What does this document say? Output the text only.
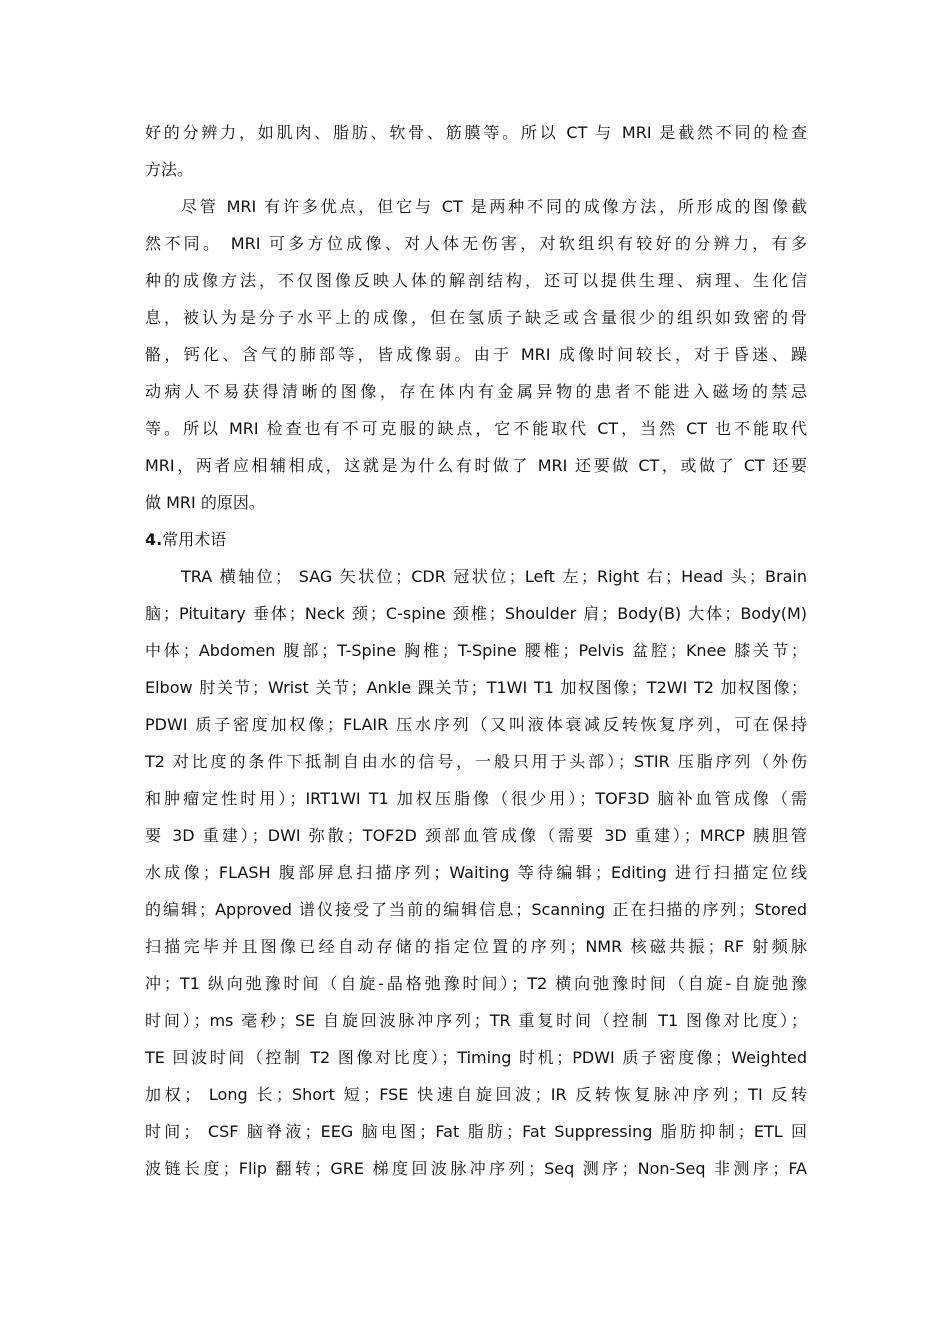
好的分辨力，如肌肉、脂肪、软骨、筋膜等。所以 CT 与 MRI 是截然不同的检查
方法。
尽管 MRI 有许多优点，但它与 CT 是两种不同的成像方法，所形成的图像截
然不同。 MRI 可多方位成像、对人体无伤害，对软组织有较好的分辨力，有多
种的成像方法，不仅图像反映人体的解剖结构，还可以提供生理、病理、生化信
息，被认为是分子水平上的成像，但在氢质子缺乏或含量很少的组织如致密的骨
骼，钙化、含气的肺部等，皆成像弱。由于 MRI 成像时间较长，对于昏迷、躁
动病人不易获得清晰的图像，存在体内有金属异物的患者不能进入磁场的禁忌
等。所以 MRI 检查也有不可克服的缺点，它不能取代 CT，当然 CT 也不能取代
MRI，两者应相辅相成，这就是为什么有时做了 MRI 还要做 CT，或做了 CT 还要
做 MRI 的原因。
4.常用术语
TRA 横轴位； SAG 矢状位；CDR 冠状位；Left 左；Right 右；Head 头；Brain
脑；Pituitary 垂体；Neck 颈；C-spine 颈椎；Shoulder 肩；Body(B) 大体；Body(M)
中体；Abdomen 腹部；T-Spine 胸椎；T-Spine 腰椎；Pelvis 盆腔；Knee 膝关节；
Elbow 肘关节；Wrist 关节；Ankle 踝关节；T1WI T1 加权图像；T2WI T2 加权图像；
PDWI 质子密度加权像；FLAIR 压水序列（又叫液体衰减反转恢复序列，可在保持
T2 对比度的条件下抵制自由水的信号，一般只用于头部）；STIR 压脂序列（外伤
和肿瘤定性时用）；IRT1WI T1 加权压脂像（很少用）；TOF3D 脑补血管成像（需
要 3D 重建）；DWI 弥散；TOF2D 颈部血管成像（需要 3D 重建）；MRCP 胰胆管
水成像；FLASH 腹部屏息扫描序列；Waiting 等待编辑；Editing 进行扫描定位线
的编辑；Approved 谱仪接受了当前的编辑信息；Scanning 正在扫描的序列；Stored
扫描完毕并且图像已经自动存储的指定位置的序列；NMR 核磁共振；RF 射频脉
冲；T1 纵向弛豫时间（自旋-晶格弛豫时间）；T2 横向弛豫时间（自旋-自旋弛豫
时间）；ms 毫秒；SE 自旋回波脉冲序列；TR 重复时间（控制 T1 图像对比度）；
TE 回波时间（控制 T2 图像对比度）；Timing 时机；PDWI 质子密度像；Weighted
加权； Long 长；Short 短；FSE 快速自旋回波；IR 反转恢复脉冲序列；TI 反转
时间； CSF 脑脊液；EEG 脑电图；Fat 脂肪；Fat Suppressing 脂肪抑制；ETL 回
波链长度；Flip 翻转；GRE 梯度回波脉冲序列；Seq 测序；Non-Seq 非测序；FA
